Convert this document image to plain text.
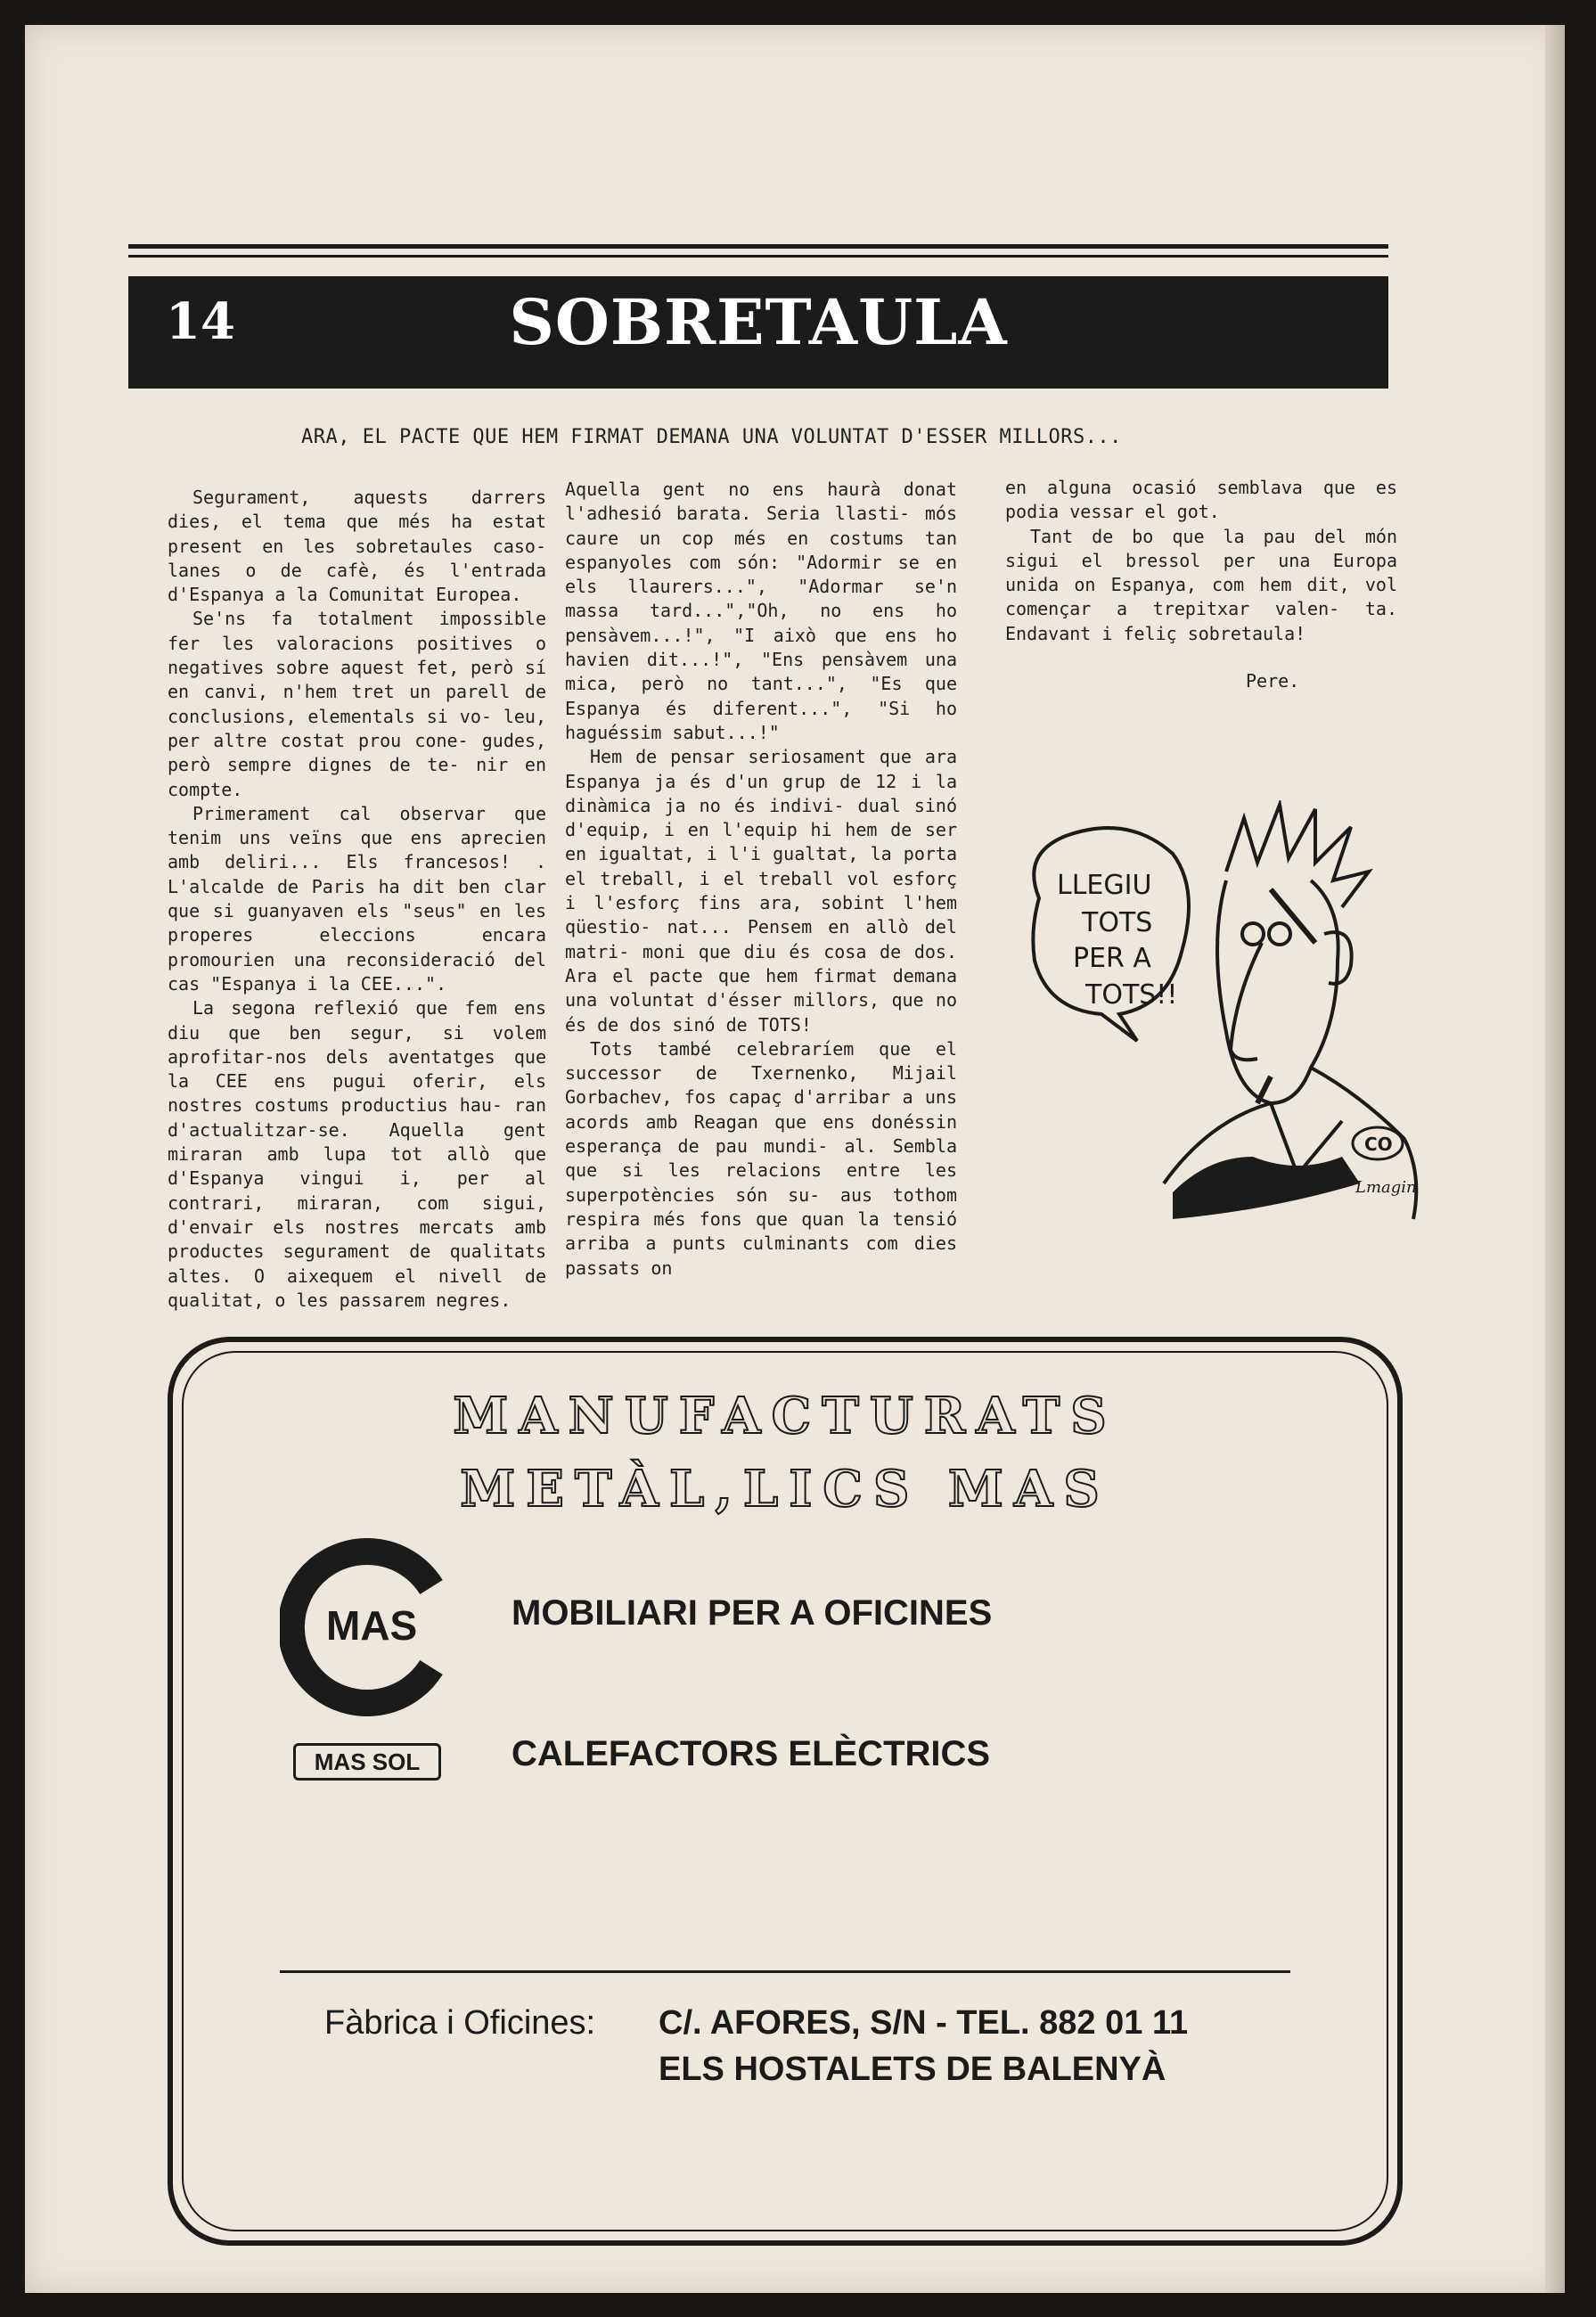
14	SOBRETAULA
ARA, EL PACTE QUE HEM FIRMAT DEMANA UNA VOLUNTAT D'ESSER MILLORS...

Segurament, aquests darrers dies, el tema que més ha estat present en les sobretaules caso- lanes o de cafè, és l'entrada d'Espanya a la Comunitat Europea.

Se'ns fa totalment impossible fer les valoracions positives o negatives sobre aquest fet, però sí en canvi, n'hem tret un parell de conclusions, elementals si vo- leu, per altre costat prou cone- gudes, però sempre dignes de te- nir en compte.

Primerament cal observar que tenim uns veïns que ens aprecien amb deliri... Els francesos! . L'alcalde de Paris ha dit ben clar que si guanyaven els "seus" en les properes eleccions encara promourien una reconsideració del cas "Espanya i la CEE...".

La segona reflexió que fem ens diu que ben segur, si volem aprofitar-nos dels aventatges que la CEE ens pugui oferir, els nostres costums productius hau- ran d'actualitzar-se. Aquella gent miraran amb lupa tot allò que d'Espanya vingui i, per al contrari, miraran, com sigui, d'envair els nostres mercats amb productes segurament de qualitats altes. O aixequem el nivell de qualitat, o les passarem negres.

Aquella gent no ens haurà donat l'adhesió barata. Seria llasti- mós caure un cop més en costums tan espanyoles com són: "Adormir se en els llaurers...", "Adormar se'n massa tard...","Oh, no ens ho pensàvem...!", "I això que ens ho havien dit...!", "Ens pensàvem una mica, però no tant...", "Es que Espanya és diferent...", "Si ho haguéssim sabut...!"

Hem de pensar seriosament que ara Espanya ja és d'un grup de 12 i la dinàmica ja no és indivi- dual sinó d'equip, i en l'equip hi hem de ser en igualtat, i l'i gualtat, la porta el treball, i el treball vol esforç i l'esforç fins ara, sobint l'hem qüestio- nat... Pensem en allò del matri- moni que diu és cosa de dos. Ara el pacte que hem firmat demana una voluntat d'ésser millors, que no és de dos sinó de TOTS!

Tots també celebraríem que el successor de Txernenko, Mijail Gorbachev, fos capaç d'arribar a uns acords amb Reagan que ens donéssin esperança de pau mundi- al. Sembla que si les relacions entre les superpotències són su- aus tothom respira més fons que quan la tensió arriba a punts culminants com dies passats on

en alguna ocasió semblava que es podia vessar el got.

Tant de bo que la pau del món sigui el bressol per una Europa unida on Espanya, com hem dit, vol començar a trepitxar valen- ta. Endavant i feliç sobretaula!

Pere.
LLEGIU
TOTS
PER A
TOTS!!
CO
Lmagin
MANUFACTURATS
METÀL,LICS MAS
MAS
MAS SOL
MOBILIARI PER A OFICINES
CALEFACTORS ELÈCTRICS
Fàbrica i Oficines: C/. AFORES, S/N - TEL. 882 01 11
ELS HOSTALETS DE BALENYÀ
